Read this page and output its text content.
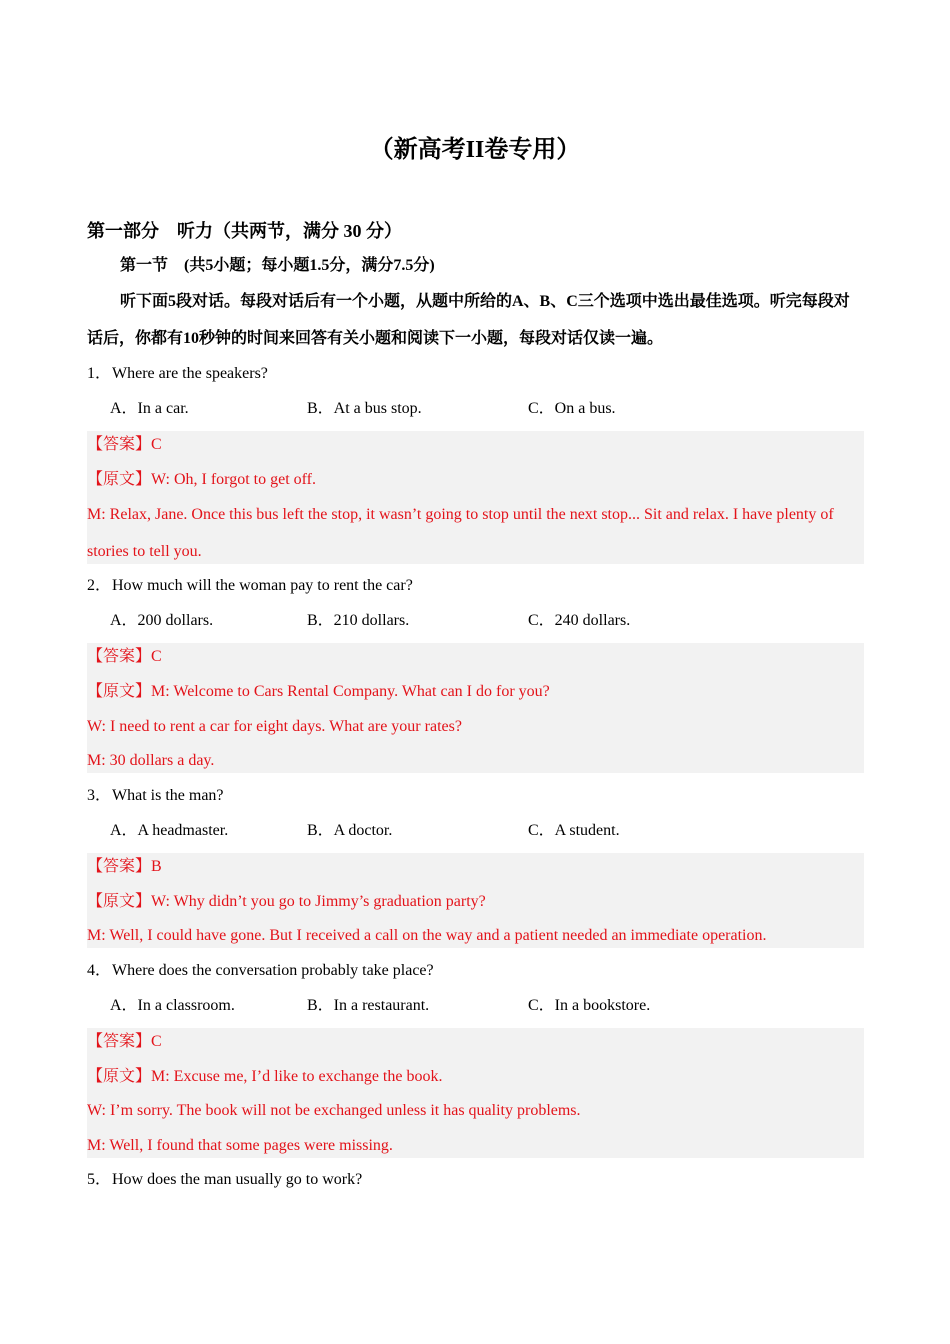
（新高考II卷专用）
第一部分　听力（共两节，满分 30 分）
第一节　(共5小题；每小题1.5分，满分7.5分)
听下面5段对话。每段对话后有一个小题，从题中所给的A、B、C三个选项中选出最佳选项。听完每段对话后，你都有10秒钟的时间来回答有关小题和阅读下一小题，每段对话仅读一遍。
1．Where are the speakers?
A．In a car.	B．At a bus stop.	C．On a bus.
【答案】C
【原文】W: Oh, I forgot to get off.
M: Relax, Jane. Once this bus left the stop, it wasn’t going to stop until the next stop... Sit and relax. I have plenty of stories to tell you.
2．How much will the woman pay to rent the car?
A．200 dollars.	B．210 dollars.	C．240 dollars.
【答案】C
【原文】M: Welcome to Cars Rental Company. What can I do for you?
W: I need to rent a car for eight days. What are your rates?
M: 30 dollars a day.
3．What is the man?
A．A headmaster.	B．A doctor.	C．A student.
【答案】B
【原文】W: Why didn’t you go to Jimmy’s graduation party?
M: Well, I could have gone. But I received a call on the way and a patient needed an immediate operation.
4．Where does the conversation probably take place?
A．In a classroom.	B．In a restaurant.	C．In a bookstore.
【答案】C
【原文】M: Excuse me, I’d like to exchange the book.
W: I’m sorry. The book will not be exchanged unless it has quality problems.
M: Well, I found that some pages were missing.
5．How does the man usually go to work?
